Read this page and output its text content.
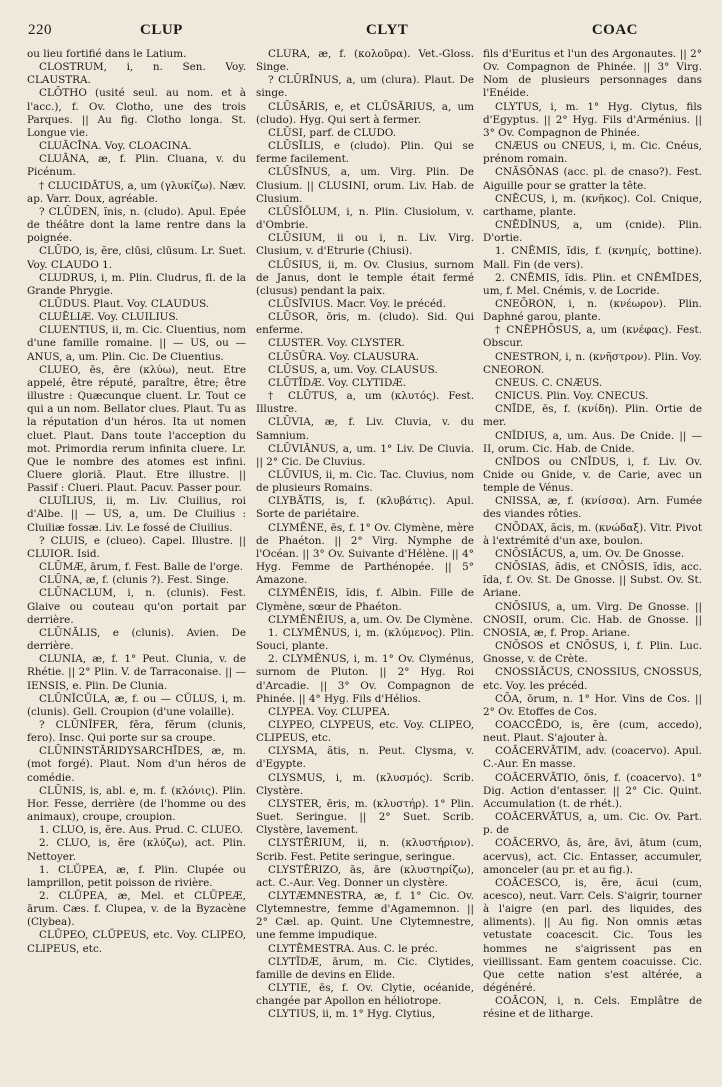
220	CLUP	CLYT	COAC

ou lieu fortifié dans le Latium.

CLOSTRUM, i, n. Sen. Voy. CLAUSTRA.

CLŌTHO (usité seul. au nom. et à l'acc.), f. Ov. Clotho, une des trois Parques. || Au fig. Clotho longa. St. Longue vie.

CLUĀCĪNA. Voy. CLOACINA.

CLUĀNA, æ, f. Plin. Cluana, v. du Picénum.

† CLUCIDĀTUS, a, um (γλυκίζω). Næv. ap. Varr. Doux, agréable.

? CLŪDEN, ĭnis, n. (cludo). Apul. Epée de théâtre dont la lame rentre dans la poignée.

CLŪDO, is, ĕre, clūsi, clūsum. Lr. Suet. Voy. CLAUDO 1.

CLUDRUS, i, m. Plin. Cludrus, fl. de la Grande Phrygie.

CLŪDUS. Plaut. Voy. CLAUDUS.

CLUĒLIÆ. Voy. CLUILIUS.

CLUENTIUS, ii, m. Cic. Cluentius, nom d'une famille romaine. || — US, ou — ANUS, a, um. Plin. Cic. De Cluentius.

CLUEO, ēs, ēre (κλύω), neut. Etre appelé, être réputé, paraître, être; être illustre : Quæcunque cluent. Lr. Tout ce qui a un nom. Bellator clues. Plaut. Tu as la réputation d'un héros. Ita ut nomen cluet. Plaut. Dans toute l'acception du mot. Primordia rerum infinita cluere. Lr. Que le nombre des atomes est infini. Cluere gloriā. Plaut. Etre illustre. || Passif : Clueri. Plaut. Pacuv. Passer pour.

CLUĪLIUS, ii, m. Liv. Cluilius, roi d'Albe. || — US, a, um. De Cluilius : Cluiliæ fossæ. Liv. Le fossé de Cluilius.

? CLUIS, e (clueo). Capel. Illustre. || CLUIOR. Isid.

CLŪMÆ, ārum, f. Fest. Balle de l'orge.

CLŪNA, æ, f. (clunis ?). Fest. Singe.

CLŪNACLUM, i, n. (clunis). Fest. Glaive ou couteau qu'on portait par derrière.

CLŪNĀLIS, e (clunis). Avien. De derrière.

CLUNIA, æ, f. 1° Peut. Clunia, v. de Rhétie. || 2° Plin. V. de Tarraconaise. || — IENSIS, e. Plin. De Clunia.

CLŪNĬCŬLA, æ, f. ou — CŬLUS, i, m. (clunis). Gell. Croupion (d'une volaille).

? CLŪNĬFER, fĕra, fĕrum (clunis, fero). Insc. Qui porte sur sa croupe.

CLŪNINSTĀRIDYSARCHĪDES, æ, m. (mot forgé). Plaut. Nom d'un héros de comédie.

CLŪNIS, is, abl. e, m. f. (κλόνις). Plin. Hor. Fesse, derrière (de l'homme ou des animaux), croupe, croupion.

1. CLUO, is, ĕre. Aus. Prud. C. CLUEO.

2. CLUO, is, ĕre (κλύζω), act. Plin. Nettoyer.

1. CLŬPEA, æ, f. Plin. Clupée ou lamprillon, petit poisson de rivière.

2. CLŬPEA, æ, Mel. et CLŬPEÆ, ārum. Cæs. f. Clupea, v. de la Byzacène (Clybea).

CLŬPEO, CLŬPEUS, etc. Voy. CLIPEO, CLIPEUS, etc.

CLŪRA, æ, f. (κολοῦρα). Vet.-Gloss. Singe.

? CLŪRĪNUS, a, um (clura). Plaut. De singe.

CLŪSĀRIS, e, et CLŪSĀRIUS, a, um (cludo). Hyg. Qui sert à fermer.

CLŪSI, parf. de CLUDO.

CLŪSĬLIS, e (cludo). Plin. Qui se ferme facilement.

CLŪSĪNUS, a, um. Virg. Plin. De Clusium. || CLUSINI, orum. Liv. Hab. de Clusium.

CLŪSĬŎLUM, i, n. Plin. Clusiolum, v. d'Ombrie.

CLŪSIUM, ii ou i, n. Liv. Virg. Clusium, v. d'Etrurie (Chiusi).

CLŪSIUS, ii, m. Ov. Clusius, surnom de Janus, dont le temple était fermé (clusus) pendant la paix.

CLŪSĪVIUS. Macr. Voy. le précéd.

CLŪSOR, ōris, m. (cludo). Sid. Qui enferme.

CLUSTER. Voy. CLYSTER.

CLŪSŪRA. Voy. CLAUSURA.

CLŪSUS, a, um. Voy. CLAUSUS.

CLŪTĬDÆ. Voy. CLYTIDÆ.

† CLŪTUS, a, um (κλυτός). Fest. Illustre.

CLŪVIA, æ, f. Liv. Cluvia, v. du Samnium.

CLŪVIĀNUS, a, um. 1° Liv. De Cluvia. || 2° Cic. De Cluvius.

CLŪVIUS, ii, m. Cic. Tac. Cluvius, nom de plusieurs Romains.

CLYBĂTIS, is, f. (κλυβάτις). Apul. Sorte de pariétaire.

CLYMĔNE, ēs, f. 1° Ov. Clymène, mère de Phaéton. || 2° Virg. Nymphe de l'Océan. || 3° Ov. Suivante d'Hélène. || 4° Hyg. Femme de Parthénopée. || 5° Amazone.

CLYMĔNĒIS, ĭdis, f. Albin. Fille de Clymène, sœur de Phaéton.

CLYMĔNĒIUS, a, um. Ov. De Clymène.

1. CLYMĔNUS, i, m. (κλύμενος). Plin. Souci, plante.

2. CLYMĔNUS, i, m. 1° Ov. Clyménus, surnom de Pluton. || 2° Hyg. Roi d'Arcadie. || 3° Ov. Compagnon de Phinée. || 4° Hyg. Fils d'Hélios.

CLYPEA. Voy. CLUPEA.

CLYPEO, CLYPEUS, etc. Voy. CLIPEO, CLIPEUS, etc.

CLYSMA, ătis, n. Peut. Clysma, v. d'Egypte.

CLYSMUS, i, m. (κλυσμός). Scrib. Clystère.

CLYSTER, ēris, m. (κλυστήρ). 1° Plin. Suet. Seringue. || 2° Suet. Scrib. Clystère, lavement.

CLYSTĒRIUM, ii, n. (κλυστήριον). Scrib. Fest. Petite seringue, seringue.

CLYSTĒRIZO, ās, āre (κλυστηρίζω), act. C.-Aur. Veg. Donner un clystère.

CLYTÆMNESTRA, æ, f. 1° Cic. Ov. Clytemnestre, femme d'Agamemnon. || 2° Cæl. ap. Quint. Une Clytemnestre, une femme impudique.

CLYTĒMESTRA. Aus. C. le préc.

CLYTĬDÆ, ārum, m. Cic. Clytides, famille de devins en Elide.

CLYTIE, ēs, f. Ov. Clytie, océanide, changée par Apollon en héliotrope.

CLYTIUS, ii, m. 1° Hyg. Clytius,

fils d'Euritus et l'un des Argonautes. || 2° Ov. Compagnon de Phinée. || 3° Virg. Nom de plusieurs personnages dans l'Enéide.

CLYTUS, i, m. 1° Hyg. Clytus, fils d'Egyptus. || 2° Hyg. Fils d'Arménius. || 3° Ov. Compagnon de Phinée.

CNÆUS ou CNEUS, i, m. Cic. Cnéus, prénom romain.

CNĂSŌNAS (acc. pl. de cnaso?). Fest. Aiguille pour se gratter la tête.

CNĒCUS, i, m. (κνῆκος). Col. Cnique, carthame, plante.

CNĒDĬNUS, a, um (cnide). Plin. D'ortie.

1. CNĒMIS, ĭdis, f. (κνημίς, bottine). Mall. Fin (de vers).

2. CNĒMIS, ĭdis. Plin. et CNĒMĪDES, um, f. Mel. Cnémis, v. de Locride.

CNEŌRON, i, n. (κνέωρον). Plin. Daphné garou, plante.

† CNĒPHŌSUS, a, um (κνέφας). Fest. Obscur.

CNESTRON, i, n. (κνῆστρον). Plin. Voy. CNEORON.

CNEUS. C. CNÆUS.

CNICUS. Plin. Voy. CNECUS.

CNĪDE, ēs, f. (κνίδη). Plin. Ortie de mer.

CNĬDIUS, a, um. Aus. De Cnide. || — II, orum. Cic. Hab. de Cnide.

CNĬDOS ou CNĬDUS, i, f. Liv. Ov. Cnide ou Gnide, v. de Carie, avec un temple de Vénus.

CNISSA, æ, f. (κνίσσα). Arn. Fumée des viandes rôties.

CNŌDAX, ăcis, m. (κνώδαξ). Vitr. Pivot à l'extrémité d'un axe, boulon.

CNŌSIĂCUS, a, um. Ov. De Gnosse.

CNŌSIAS, ădis, et CNŌSIS, ĭdis, acc. ĭda, f. Ov. St. De Gnosse. || Subst. Ov. St. Ariane.

CNŌSIUS, a, um. Virg. De Gnosse. || CNOSII, orum. Cic. Hab. de Gnosse. || CNOSIA, æ, f. Prop. Ariane.

CNŌSOS et CNŌSUS, i, f. Plin. Luc. Gnosse, v. de Crète.

CNOSSIĂCUS, CNOSSIUS, CNOSSUS, etc. Voy. les précéd.

CŌA, ōrum, n. 1° Hor. Vins de Cos. || 2° Ov. Etoffes de Cos.

COACCĒDO, is, ĕre (cum, accedo), neut. Plaut. S'ajouter à.

COĀCERVĀTIM, adv. (coacervo). Apul. C.-Aur. En masse.

COĀCERVĀTIO, ōnis, f. (coacervo). 1° Dig. Action d'entasser. || 2° Cic. Quint. Accumulation (t. de rhét.).

COĀCERVĀTUS, a, um. Cic. Ov. Part. p. de

COĀCERVO, ās, āre, āvi, ātum (cum, acervus), act. Cic. Entasser, accumuler, amonceler (au pr. et au fig.).

COĀCESCO, is, ĕre, ăcui (cum, acesco), neut. Varr. Cels. S'aigrir, tourner à l'aigre (en parl. des liquides, des aliments). || Au fig. Non omnis ætas vetustate coacescit. Cic. Tous les hommes ne s'aigrissent pas en vieillissant. Eam gentem coacuisse. Cic. Que cette nation s'est altérée, a dégénéré.

COĀCON, i, n. Cels. Emplâtre de résine et de litharge.
